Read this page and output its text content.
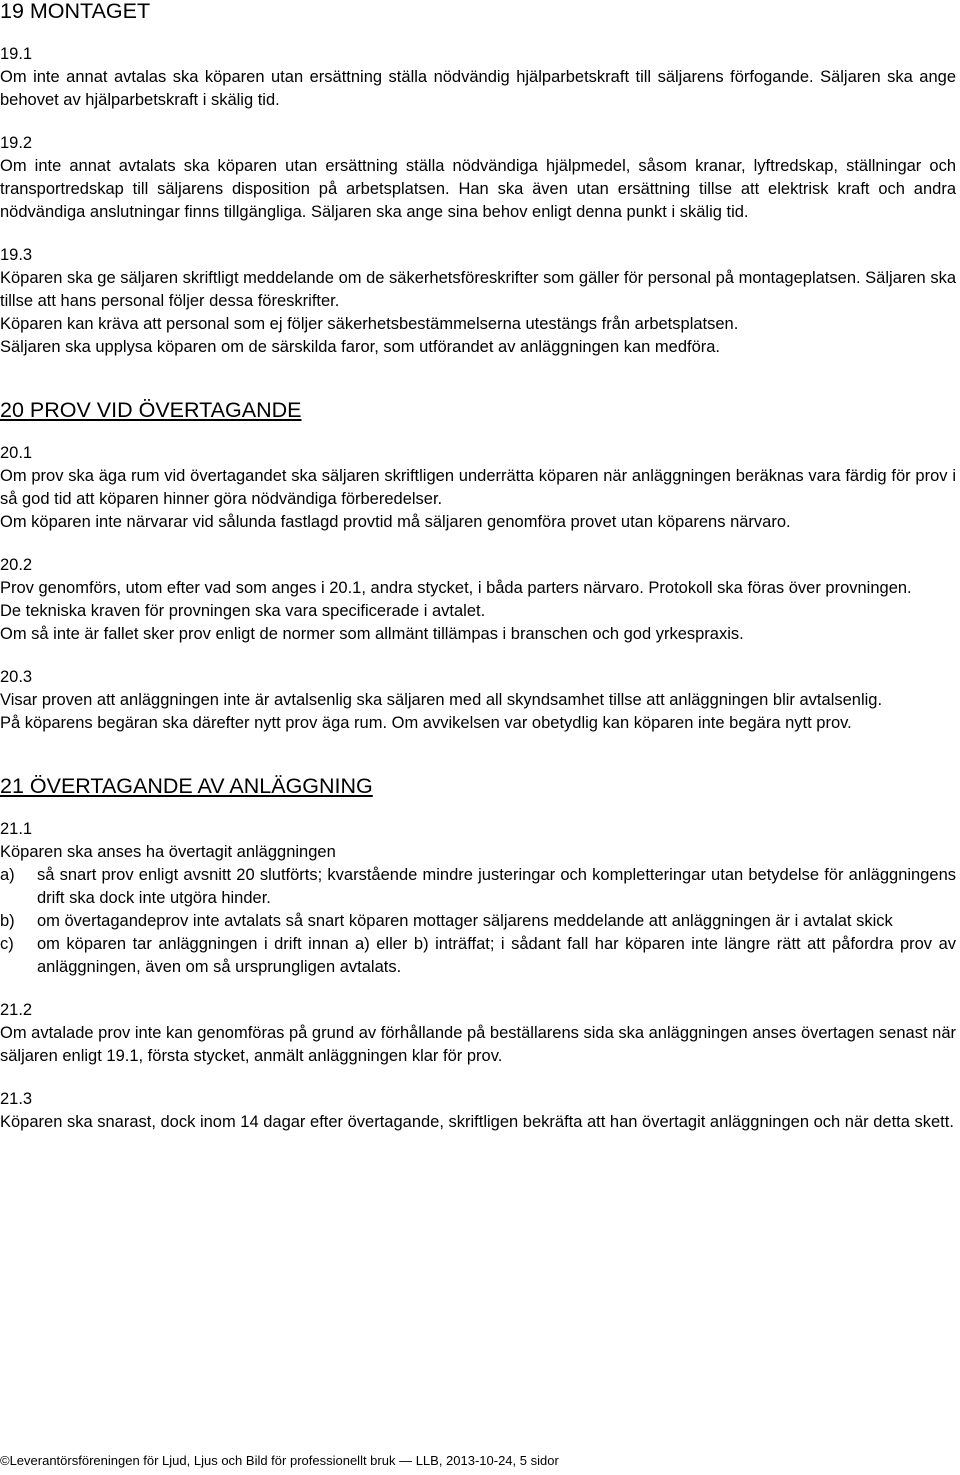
19 MONTAGET
19.1

Om inte annat avtalas ska köparen utan ersättning ställa nödvändig hjälparbetskraft till säljarens förfogande. Säljaren ska ange behovet av hjälparbetskraft i skälig tid.

19.2

Om inte annat avtalats ska köparen utan ersättning ställa nödvändiga hjälpmedel, såsom kranar, lyftredskap, ställningar och transportredskap till säljarens disposition på arbetsplatsen. Han ska även utan ersättning tillse att elektrisk kraft och andra nödvändiga anslutningar finns tillgängliga. Säljaren ska ange sina behov enligt denna punkt i skälig tid.

19.3

Köparen ska ge säljaren skriftligt meddelande om de säkerhetsföreskrifter som gäller för personal på montageplatsen. Säljaren ska tillse att hans personal följer dessa föreskrifter.

Köparen kan kräva att personal som ej följer säkerhetsbestämmelserna utestängs från arbetsplatsen.

Säljaren ska upplysa köparen om de särskilda faror, som utförandet av anläggningen kan medföra.

20 PROV VID ÖVERTAGANDE
20.1

Om prov ska äga rum vid övertagandet ska säljaren skriftligen underrätta köparen när anläggningen beräknas vara färdig för prov i så god tid att köparen hinner göra nödvändiga förberedelser.

Om köparen inte närvarar vid sålunda fastlagd provtid må säljaren genomföra provet utan köparens närvaro.

20.2

Prov genomförs, utom efter vad som anges i 20.1, andra stycket, i båda parters närvaro. Protokoll ska föras över provningen.

De tekniska kraven för provningen ska vara specificerade i avtalet.

Om så inte är fallet sker prov enligt de normer som allmänt tillämpas i branschen och god yrkespraxis.

20.3

Visar proven att anläggningen inte är avtalsenlig ska säljaren med all skyndsamhet tillse att anläggningen blir avtalsenlig.

På köparens begäran ska därefter nytt prov äga rum. Om avvikelsen var obetydlig kan köparen inte begära nytt prov.

21 ÖVERTAGANDE AV ANLÄGGNING
21.1

Köparen ska anses ha övertagit anläggningen

a) så snart prov enligt avsnitt 20 slutförts; kvarstående mindre justeringar och kompletteringar utan betydelse för anläggningens drift ska dock inte utgöra hinder.
b) om övertagandeprov inte avtalats så snart köparen mottager säljarens meddelande att anläggningen är i avtalat skick
c) om köparen tar anläggningen i drift innan a) eller b) inträffat; i sådant fall har köparen inte längre rätt att påfordra prov av anläggningen, även om så ursprungligen avtalats.
21.2

Om avtalade prov inte kan genomföras på grund av förhållande på beställarens sida ska anläggningen anses övertagen senast när säljaren enligt 19.1, första stycket, anmält anläggningen klar för prov.

21.3

Köparen ska snarast, dock inom 14 dagar efter övertagande, skriftligen bekräfta att han övertagit anläggningen och när detta skett.

©Leverantörsföreningen för Ljud, Ljus och Bild för professionellt bruk — LLB, 2013-10-24, 5 sidor
